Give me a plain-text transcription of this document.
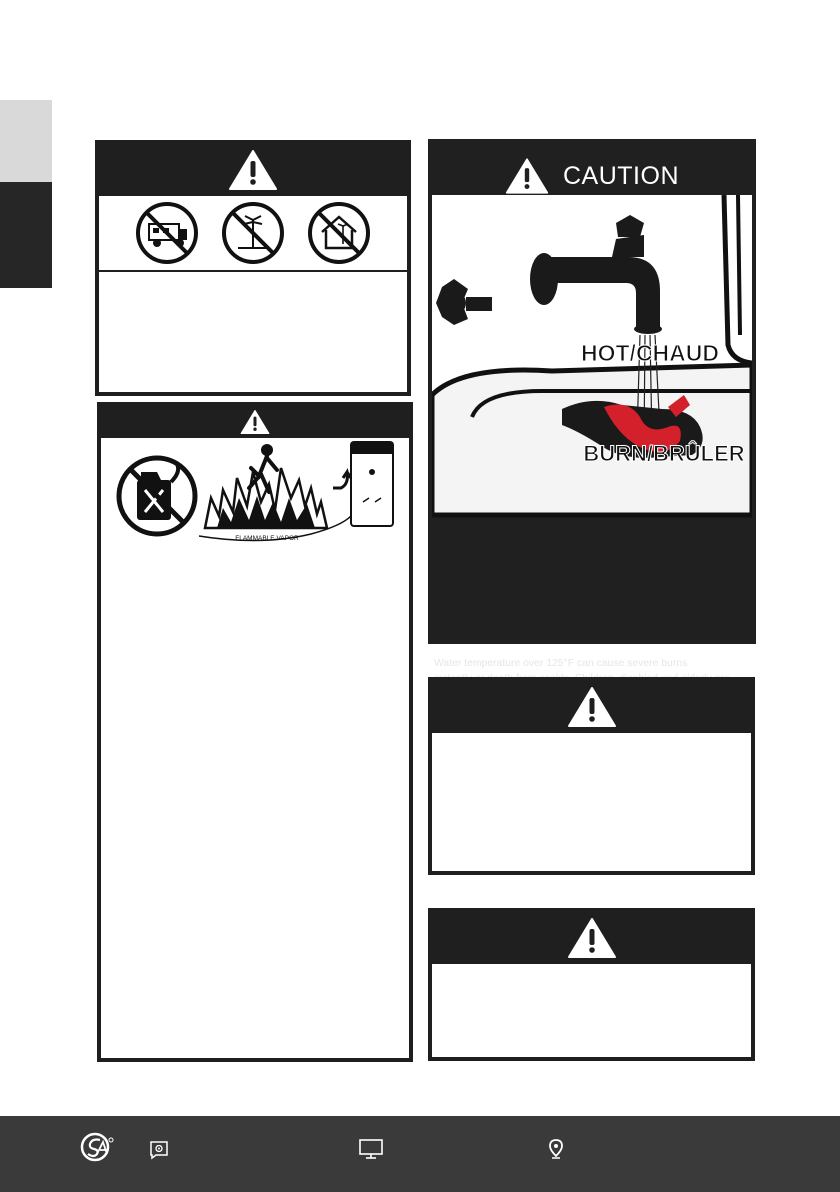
FLAMMABLE VAPOR
CAUTION
HOT/CHAUD
BURN/BRÛLER
Water temperature over 125°F can cause severe burns
